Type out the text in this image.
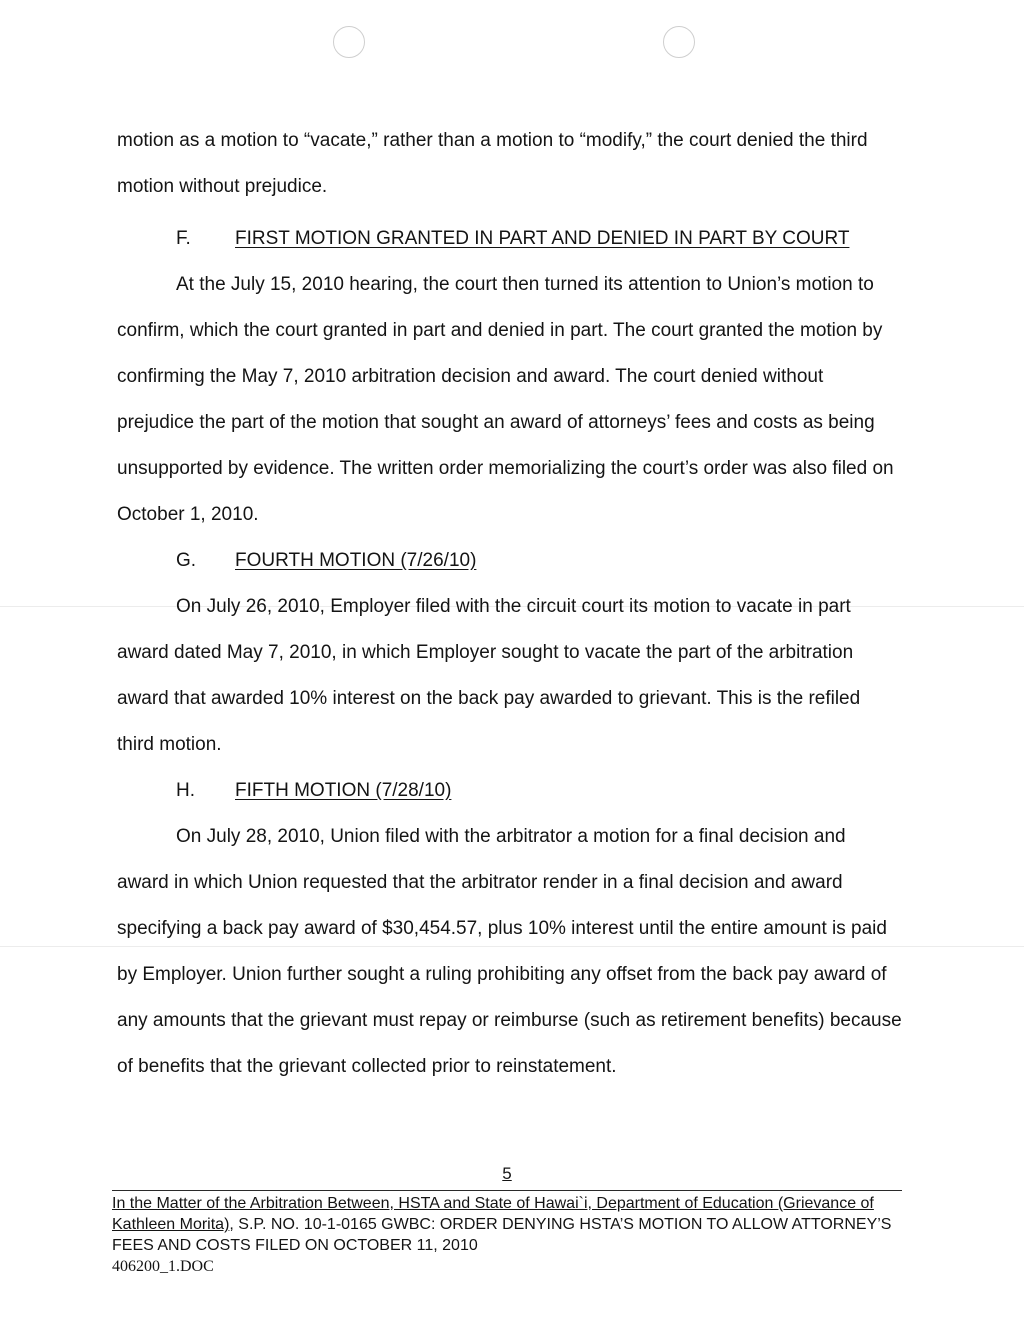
motion as a motion to “vacate,” rather than a motion to “modify,” the court denied the third motion without prejudice.

F. FIRST MOTION GRANTED IN PART AND DENIED IN PART BY COURT

At the July 15, 2010 hearing, the court then turned its attention to Union’s motion to confirm, which the court granted in part and denied in part. The court granted the motion by confirming the May 7, 2010 arbitration decision and award. The court denied without prejudice the part of the motion that sought an award of attorneys’ fees and costs as being unsupported by evidence. The written order memorializing the court’s order was also filed on October 1, 2010.

G. FOURTH MOTION (7/26/10)

On July 26, 2010, Employer filed with the circuit court its motion to vacate in part award dated May 7, 2010, in which Employer sought to vacate the part of the arbitration award that awarded 10% interest on the back pay awarded to grievant. This is the refiled third motion.

H. FIFTH MOTION (7/28/10)

On July 28, 2010, Union filed with the arbitrator a motion for a final decision and award in which Union requested that the arbitrator render in a final decision and award specifying a back pay award of $30,454.57, plus 10% interest until the entire amount is paid by Employer. Union further sought a ruling prohibiting any offset from the back pay award of any amounts that the grievant must repay or reimburse (such as retirement benefits) because of benefits that the grievant collected prior to reinstatement.

5

In the Matter of the Arbitration Between, HSTA and State of Hawai`i, Department of Education (Grievance of Kathleen Morita), S.P. NO. 10-1-0165 GWBC: ORDER DENYING HSTA’S MOTION TO ALLOW ATTORNEY’S FEES AND COSTS FILED ON OCTOBER 11, 2010

406200_1.DOC
